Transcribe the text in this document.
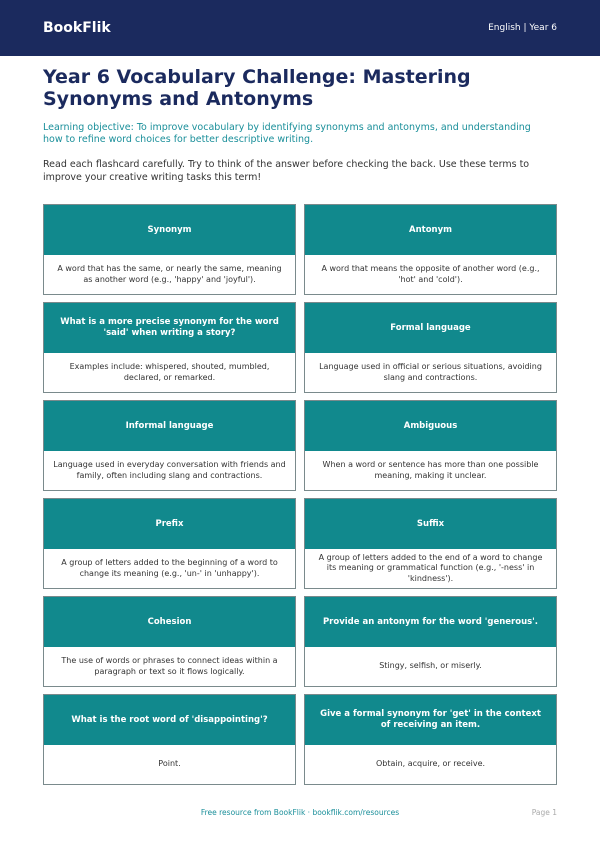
BookFlik	English | Year 6
Year 6 Vocabulary Challenge: Mastering Synonyms and Antonyms

Learning objective: To improve vocabulary by identifying synonyms and antonyms, and understanding how to refine word choices for better descriptive writing.

Read each flashcard carefully. Try to think of the answer before checking the back. Use these terms to improve your creative writing tasks this term!

Synonym
A word that has the same, or nearly the same, meaning as another word (e.g., 'happy' and 'joyful').
Antonym
A word that means the opposite of another word (e.g., 'hot' and 'cold').
What is a more precise synonym for the word 'said' when writing a story?
Examples include: whispered, shouted, mumbled, declared, or remarked.
Formal language
Language used in official or serious situations, avoiding slang and contractions.
Informal language
Language used in everyday conversation with friends and family, often including slang and contractions.
Ambiguous
When a word or sentence has more than one possible meaning, making it unclear.
Prefix
A group of letters added to the beginning of a word to change its meaning (e.g., 'un-' in 'unhappy').
Suffix
A group of letters added to the end of a word to change its meaning or grammatical function (e.g., '-ness' in 'kindness').
Cohesion
The use of words or phrases to connect ideas within a paragraph or text so it flows logically.
Provide an antonym for the word 'generous'.
Stingy, selfish, or miserly.
What is the root word of 'disappointing'?
Point.
Give a formal synonym for 'get' in the context of receiving an item.
Obtain, acquire, or receive.
Free resource from BookFlik · bookflik.com/resources	Page 1
